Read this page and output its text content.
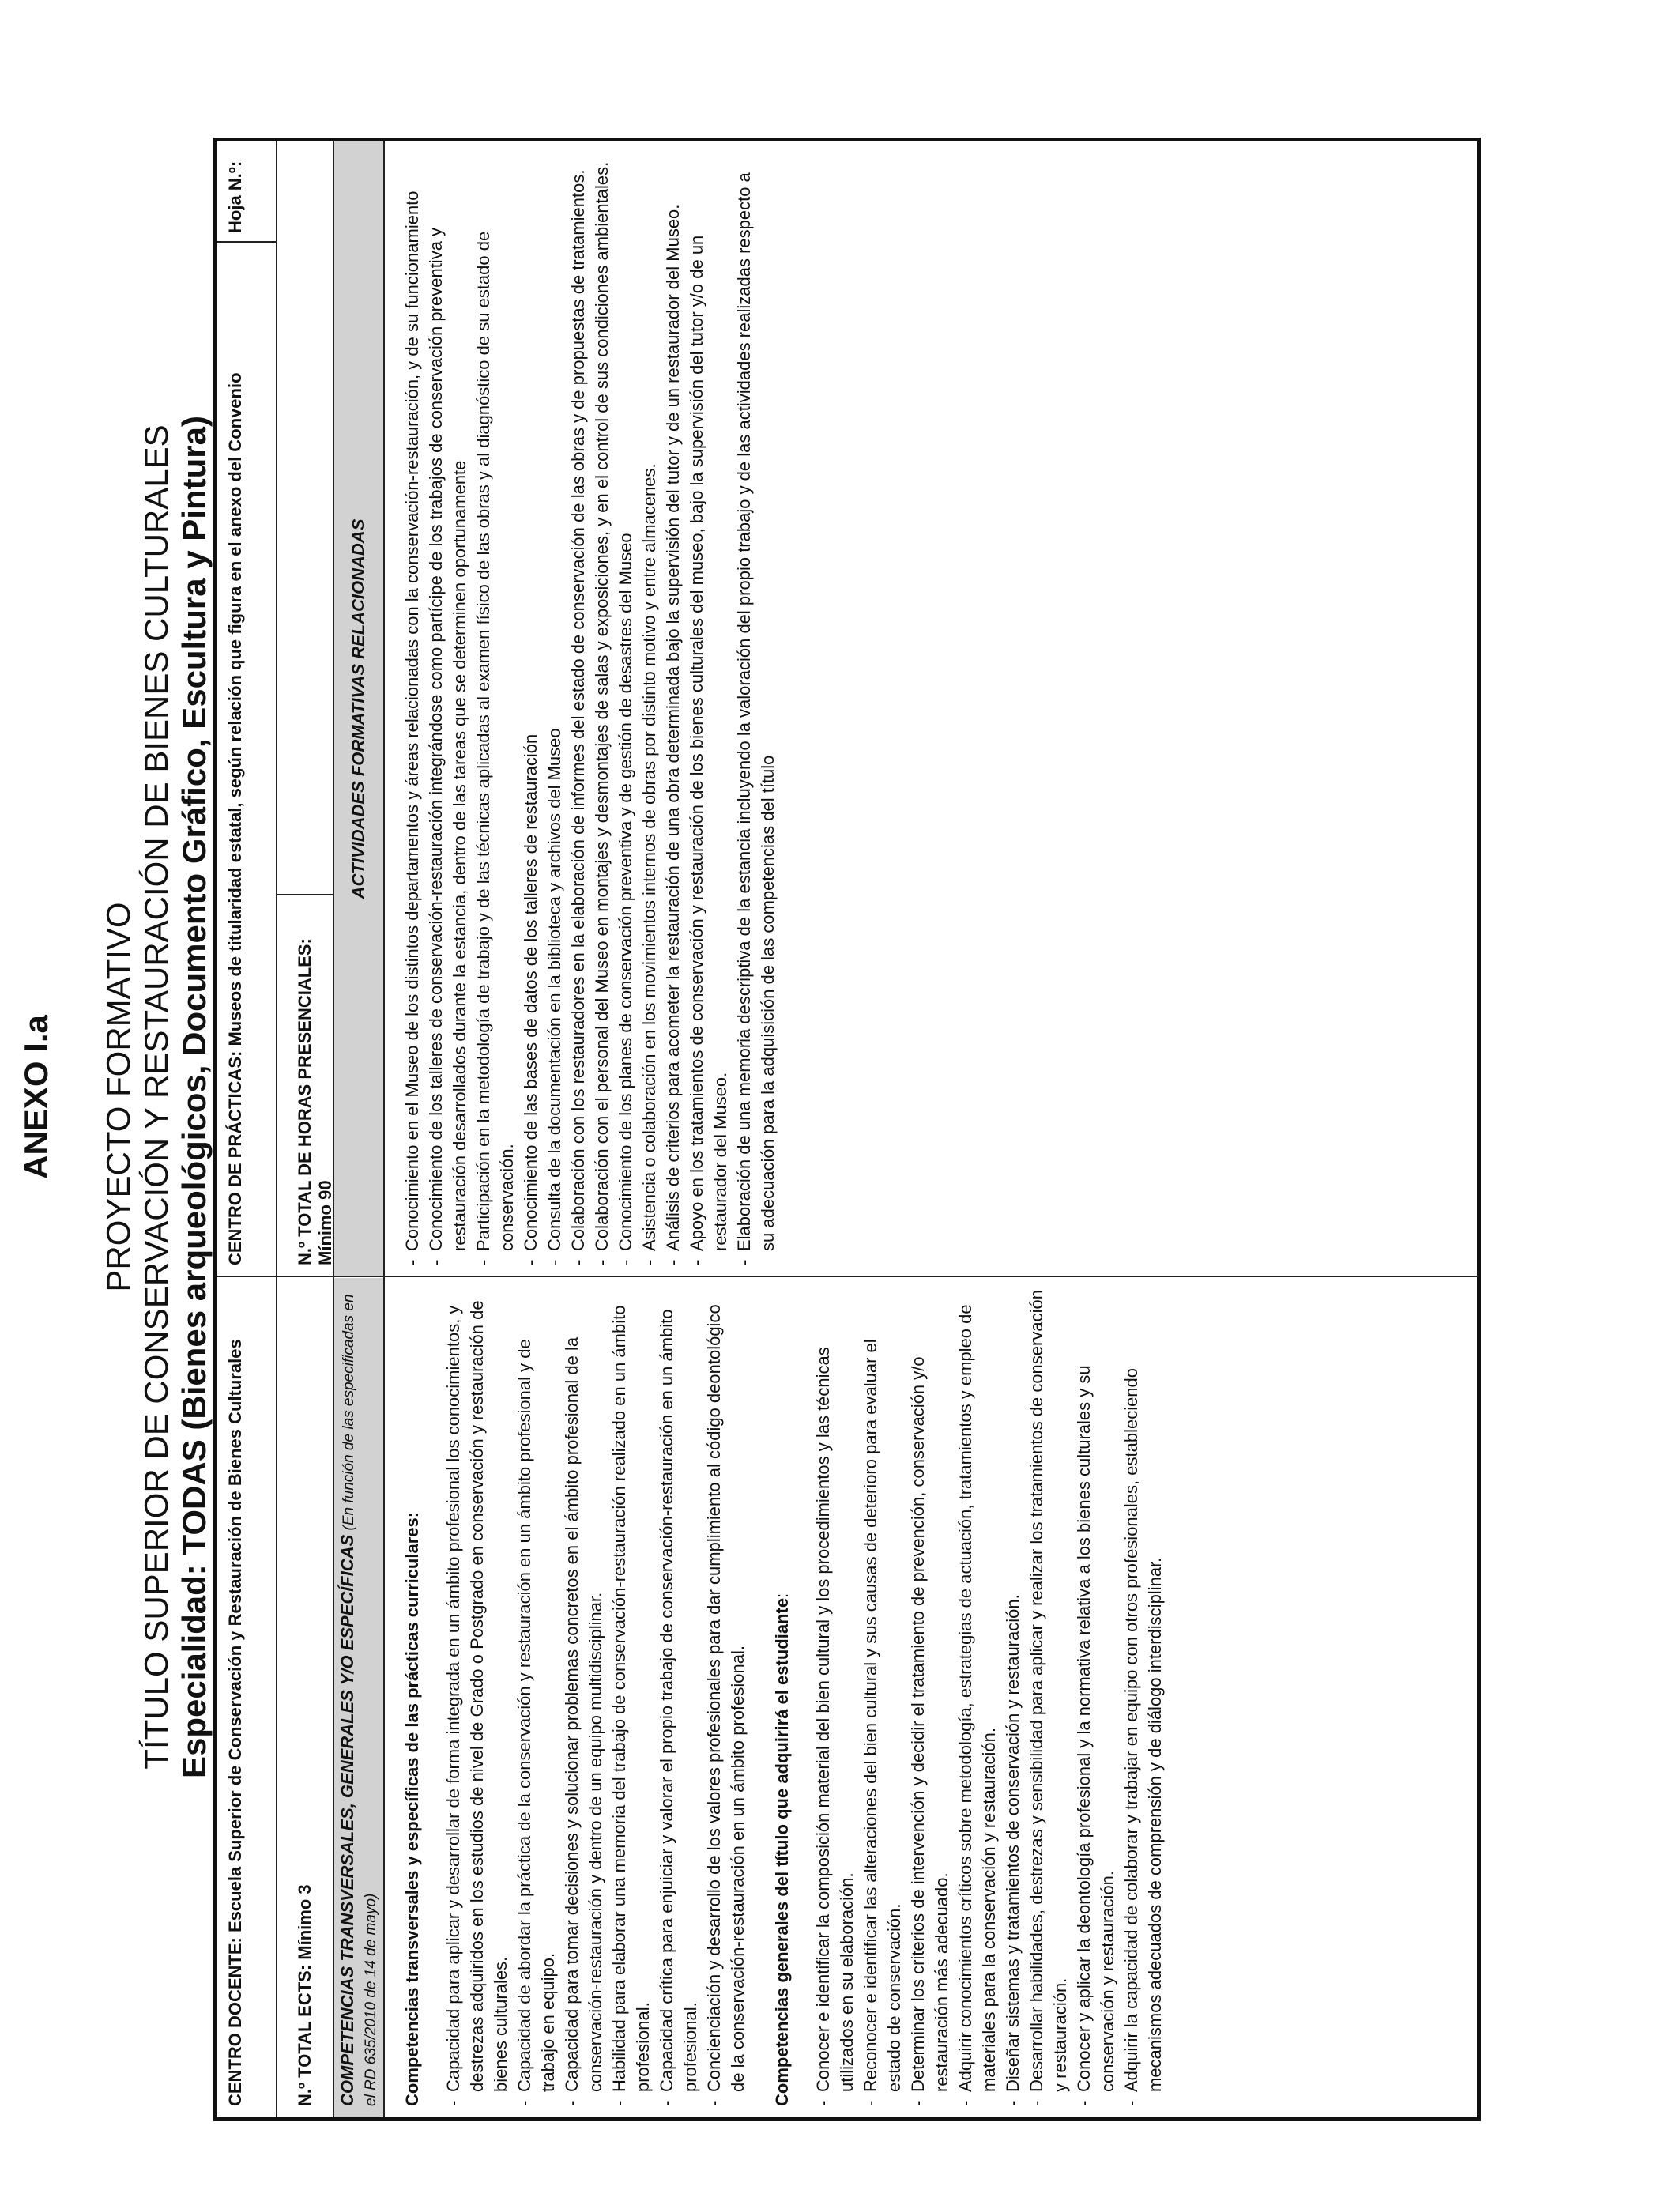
ANEXO I.a PROYECTO FORMATIVO TÍTULO SUPERIOR DE CONSERVACIÓN Y RESTAURACIÓN DE BIENES CULTURALES Especialidad: TODAS (Bienes arqueológicos, Documento Gráfico, Escultura y Pintura) CENTRO DOCENTE: Escuela Superior de Conservación y Restauración de Bienes Culturales
CENTRO DE PRÁCTICAS: Museos de titularidad estatal, según relación que figura en el anexo del Convenio
Hoja N.º:
N.º TOTAL ECTS: Mínimo 3
N.º TOTAL DE HORAS PRESENCIALES: Mínimo 90
COMPETENCIAS TRANSVERSALES, GENERALES Y/O ESPECÍFICAS (En función de las especificadas en el RD 635/2010 de 14 de mayo)
ACTIVIDADES FORMATIVAS RELACIONADAS

Competencias transversales y específicas de las prácticas curriculares: - Capacidad para aplicar y desarrollar de forma integrada en un ámbito profesional los conocimientos, y destrezas adquiridos en los estudios de nivel de Grado o Postgrado en conservación y restauración de bienes culturales. - Capacidad de abordar la práctica de la conservación y restauración en un ámbito profesional y de trabajo en equipo. - Capacidad para tomar decisiones y solucionar problemas concretos en el ámbito profesional de la conservación-restauración y dentro de un equipo multidisciplinar. - Habilidad para elaborar una memoria del trabajo de conservación-restauración realizado en un ámbito profesional. - Capacidad crítica para enjuiciar y valorar el propio trabajo de conservación-restauración en un ámbito profesional. - Concienciación y desarrollo de los valores profesionales para dar cumplimiento al código deontológico de la conservación-restauración en un ámbito profesional. Competencias generales del título que adquirirá el estudiante: - Conocer e identificar la composición material del bien cultural y los procedimientos y las técnicas utilizados en su elaboración. - Reconocer e identificar las alteraciones del bien cultural y sus causas de deterioro para evaluar el estado de conservación. - Determinar los criterios de intervención y decidir el tratamiento de prevención, conservación y/o restauración más adecuado. - Adquirir conocimientos críticos sobre metodología, estrategias de actuación, tratamientos y empleo de materiales para la conservación y restauración. - Diseñar sistemas y tratamientos de conservación y restauración. - Desarrollar habilidades, destrezas y sensibilidad para aplicar y realizar los tratamientos de conservación y restauración. - Conocer y aplicar la deontología profesional y la normativa relativa a los bienes culturales y su conservación y restauración. - Adquirir la capacidad de colaborar y trabajar en equipo con otros profesionales, estableciendo mecanismos adecuados de comprensión y de diálogo interdisciplinar.
- Conocimiento en el Museo de los distintos departamentos y áreas relacionadas con la conservación-restauración, y de su funcionamiento - Conocimiento de los talleres de conservación-restauración integrándose como partícipe de los trabajos de conservación preventiva y restauración desarrollados durante la estancia, dentro de las tareas que se determinen oportunamente - Participación en la metodología de trabajo y de las técnicas aplicadas al examen físico de las obras y al diagnóstico de su estado de conservación. - Conocimiento de las bases de datos de los talleres de restauración - Consulta de la documentación en la biblioteca y archivos del Museo - Colaboración con los restauradores en la elaboración de informes del estado de conservación de las obras y de propuestas de tratamientos. - Colaboración con el personal del Museo en montajes y desmontajes de salas y exposiciones, y en el control de sus condiciones ambientales. - Conocimiento de los planes de conservación preventiva y de gestión de desastres del Museo - Asistencia o colaboración en los movimientos internos de obras por distinto motivo y entre almacenes. - Análisis de criterios para acometer la restauración de una obra determinada bajo la supervisión del tutor y de un restaurador del Museo. - Apoyo en los tratamientos de conservación y restauración de los bienes culturales del museo, bajo la supervisión del tutor y/o de un restaurador del Museo. - Elaboración de una memoria descriptiva de la estancia incluyendo la valoración del propio trabajo y de las actividades realizadas respecto a su adecuación para la adquisición de las competencias del título
